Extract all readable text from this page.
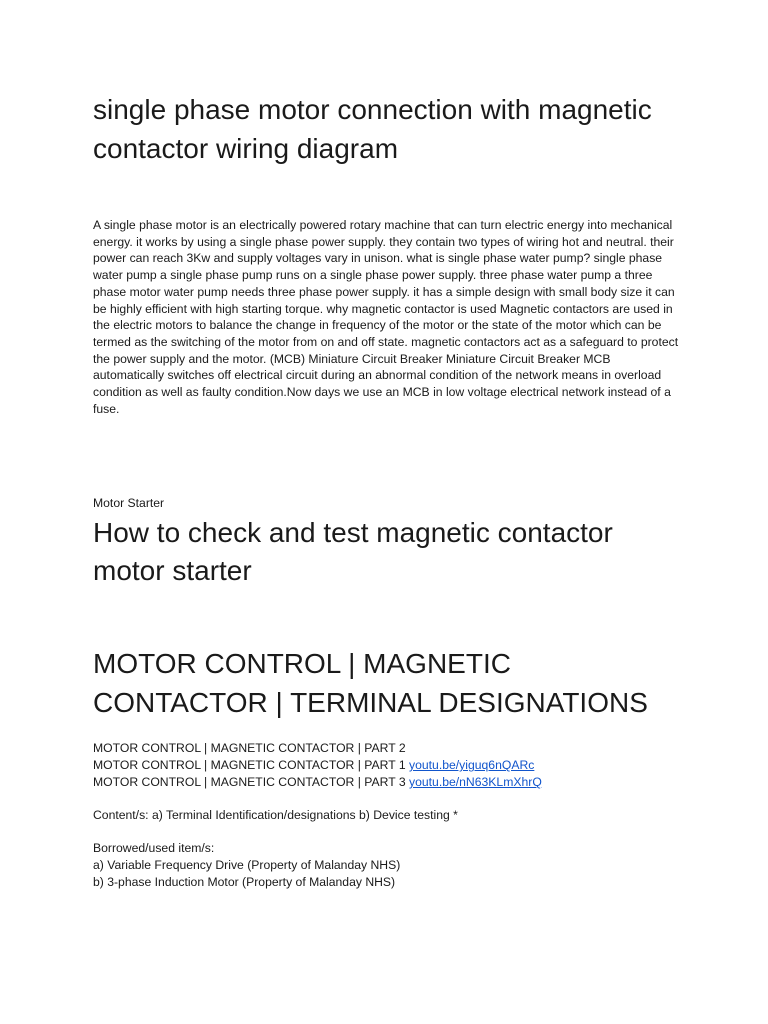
single phase motor connection with magnetic contactor wiring diagram

A single phase motor is an electrically powered rotary machine that can turn electric energy into mechanical energy. it works by using a single phase power supply. they contain two types of wiring hot and neutral. their power can reach 3Kw and supply voltages vary in unison. what is single phase water pump? single phase water pump a single phase pump runs on a single phase power supply. three phase water pump a three phase motor water pump needs three phase power supply. it has a simple design with small body size it can be highly efficient with high starting torque. why magnetic contactor is used Magnetic contactors are used in the electric motors to balance the change in frequency of the motor or the state of the motor which can be termed as the switching of the motor from on and off state. magnetic contactors act as a safeguard to protect the power supply and the motor. (MCB) Miniature Circuit Breaker Miniature Circuit Breaker MCB automatically switches off electrical circuit during an abnormal condition of the network means in overload condition as well as faulty condition.Now days we use an MCB in low voltage electrical network instead of a fuse.

Motor Starter
How to check and test magnetic contactor motor starter
MOTOR CONTROL | MAGNETIC CONTACTOR | TERMINAL DESIGNATIONS
MOTOR CONTROL | MAGNETIC CONTACTOR | PART 2
MOTOR CONTROL | MAGNETIC CONTACTOR | PART 1 youtu.be/yiguq6nQARc
MOTOR CONTROL | MAGNETIC CONTACTOR | PART 3 youtu.be/nN63KLmXhrQ
Content/s: a) Terminal Identification/designations b) Device testing *
Borrowed/used item/s:
a) Variable Frequency Drive (Property of Malanday NHS)
b) 3-phase Induction Motor (Property of Malanday NHS)
